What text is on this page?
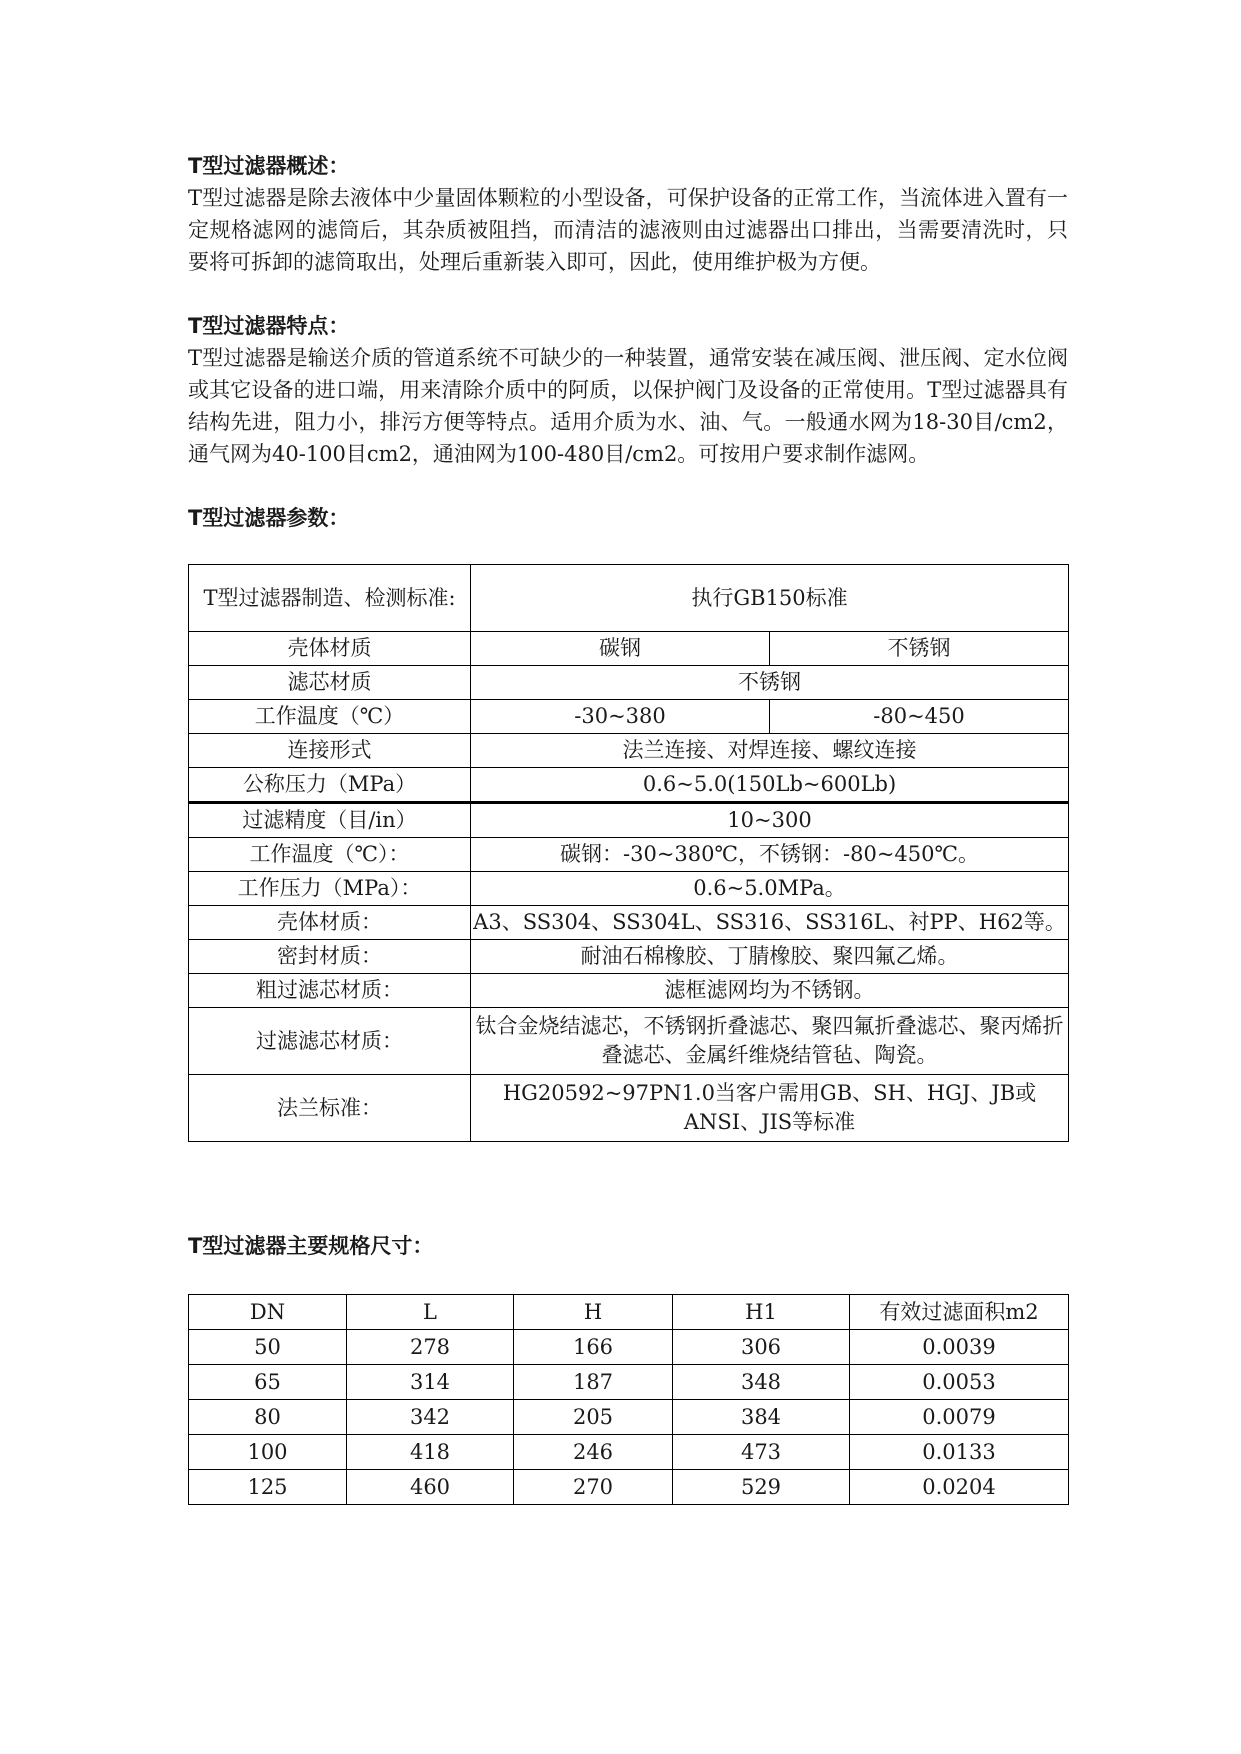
T型过滤器概述：

T型过滤器是除去液体中少量固体颗粒的小型设备，可保护设备的正常工作，当流体进入置有一定规格滤网的滤筒后，其杂质被阻挡，而清洁的滤液则由过滤器出口排出，当需要清洗时，只要将可拆卸的滤筒取出，处理后重新装入即可，因此，使用维护极为方便。

T型过滤器特点：

T型过滤器是输送介质的管道系统不可缺少的一种装置，通常安装在减压阀、泄压阀、定水位阀或其它设备的进口端，用来清除介质中的阿质，以保护阀门及设备的正常使用。T型过滤器具有结构先进，阻力小，排污方便等特点。适用介质为水、油、气。一般通水网为18-30目/cm2，通气网为40-100目cm2，通油网为100-480目/cm2。可按用户要求制作滤网。

T型过滤器参数：

T型过滤器制造、检测标准:	执行GB150标准	
壳体材质	碳钢	不锈钢
滤芯材质	不锈钢	
工作温度（℃）	-30~380	-80~450
连接形式	法兰连接、对焊连接、螺纹连接	
公称压力（MPa）	0.6~5.0(150Lb~600Lb)	
过滤精度（目/in）	10~300	
工作温度（℃）：	碳钢：-30~380℃，不锈钢：-80~450℃。	
工作压力（MPa）：	0.6~5.0MPa。	
壳体材质：	A3、SS304、SS304L、SS316、SS316L、衬PP、H62等。	
密封材质：	耐油石棉橡胶、丁腈橡胶、聚四氟乙烯。	
粗过滤芯材质：	滤框滤网均为不锈钢。	
过滤滤芯材质：	钛合金烧结滤芯，不锈钢折叠滤芯、聚四氟折叠滤芯、聚丙烯折叠滤芯、金属纤维烧结管毡、陶瓷。	
法兰标准：	HG20592~97PN1.0当客户需用GB、SH、HGJ、JB或ANSI、JIS等标准	

T型过滤器主要规格尺寸：

DN	L	H	H1	有效过滤面积m2
50	278	166	306	0.0039
65	314	187	348	0.0053
80	342	205	384	0.0079
100	418	246	473	0.0133
125	460	270	529	0.0204
